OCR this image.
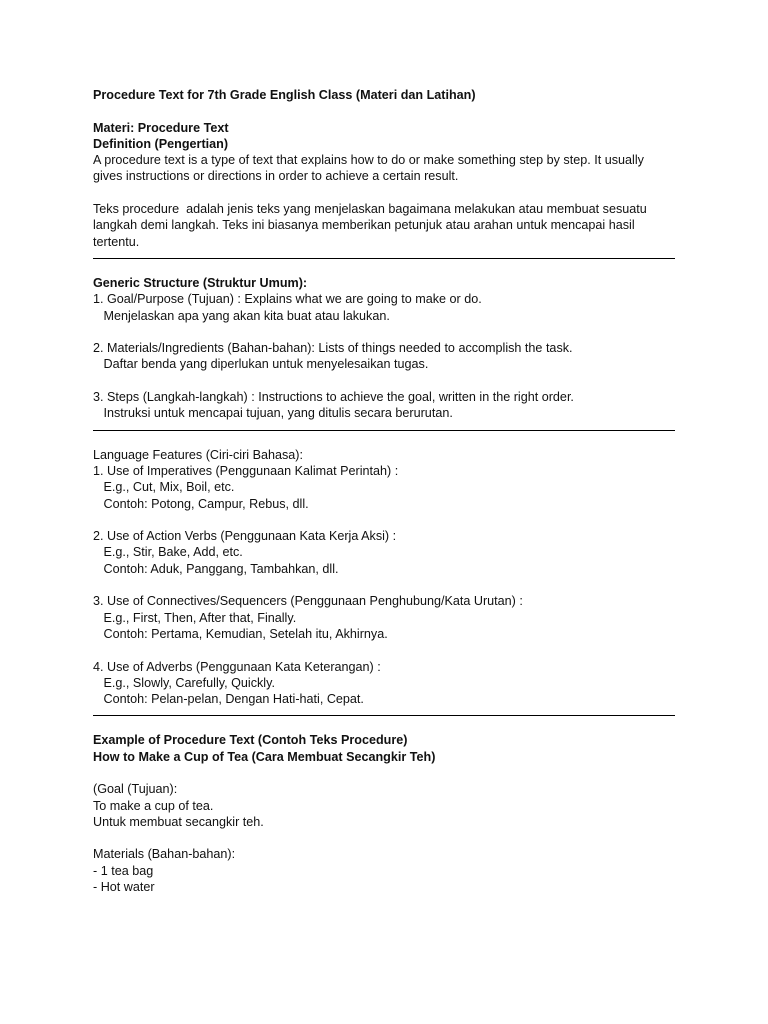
Procedure Text for 7th Grade English Class (Materi dan Latihan)
Materi: Procedure Text
Definition (Pengertian)
A procedure text is a type of text that explains how to do or make something step by step. It usually
gives instructions or directions in order to achieve a certain result.
Teks procedure  adalah jenis teks yang menjelaskan bagaimana melakukan atau membuat sesuatu
langkah demi langkah. Teks ini biasanya memberikan petunjuk atau arahan untuk mencapai hasil
tertentu.
Generic Structure (Struktur Umum):
1. Goal/Purpose (Tujuan) : Explains what we are going to make or do.
Menjelaskan apa yang akan kita buat atau lakukan.
2. Materials/Ingredients (Bahan-bahan): Lists of things needed to accomplish the task.
Daftar benda yang diperlukan untuk menyelesaikan tugas.
3. Steps (Langkah-langkah) : Instructions to achieve the goal, written in the right order.
Instruksi untuk mencapai tujuan, yang ditulis secara berurutan.
Language Features (Ciri-ciri Bahasa):
1. Use of Imperatives (Penggunaan Kalimat Perintah) :
E.g., Cut, Mix, Boil, etc.
Contoh: Potong, Campur, Rebus, dll.
2. Use of Action Verbs (Penggunaan Kata Kerja Aksi) :
E.g., Stir, Bake, Add, etc.
Contoh: Aduk, Panggang, Tambahkan, dll.
3. Use of Connectives/Sequencers (Penggunaan Penghubung/Kata Urutan) :
E.g., First, Then, After that, Finally.
Contoh: Pertama, Kemudian, Setelah itu, Akhirnya.
4. Use of Adverbs (Penggunaan Kata Keterangan) :
E.g., Slowly, Carefully, Quickly.
Contoh: Pelan-pelan, Dengan Hati-hati, Cepat.
Example of Procedure Text (Contoh Teks Procedure)
How to Make a Cup of Tea (Cara Membuat Secangkir Teh)
(Goal (Tujuan):
To make a cup of tea.
Untuk membuat secangkir teh.
Materials (Bahan-bahan):
- 1 tea bag
- Hot water
